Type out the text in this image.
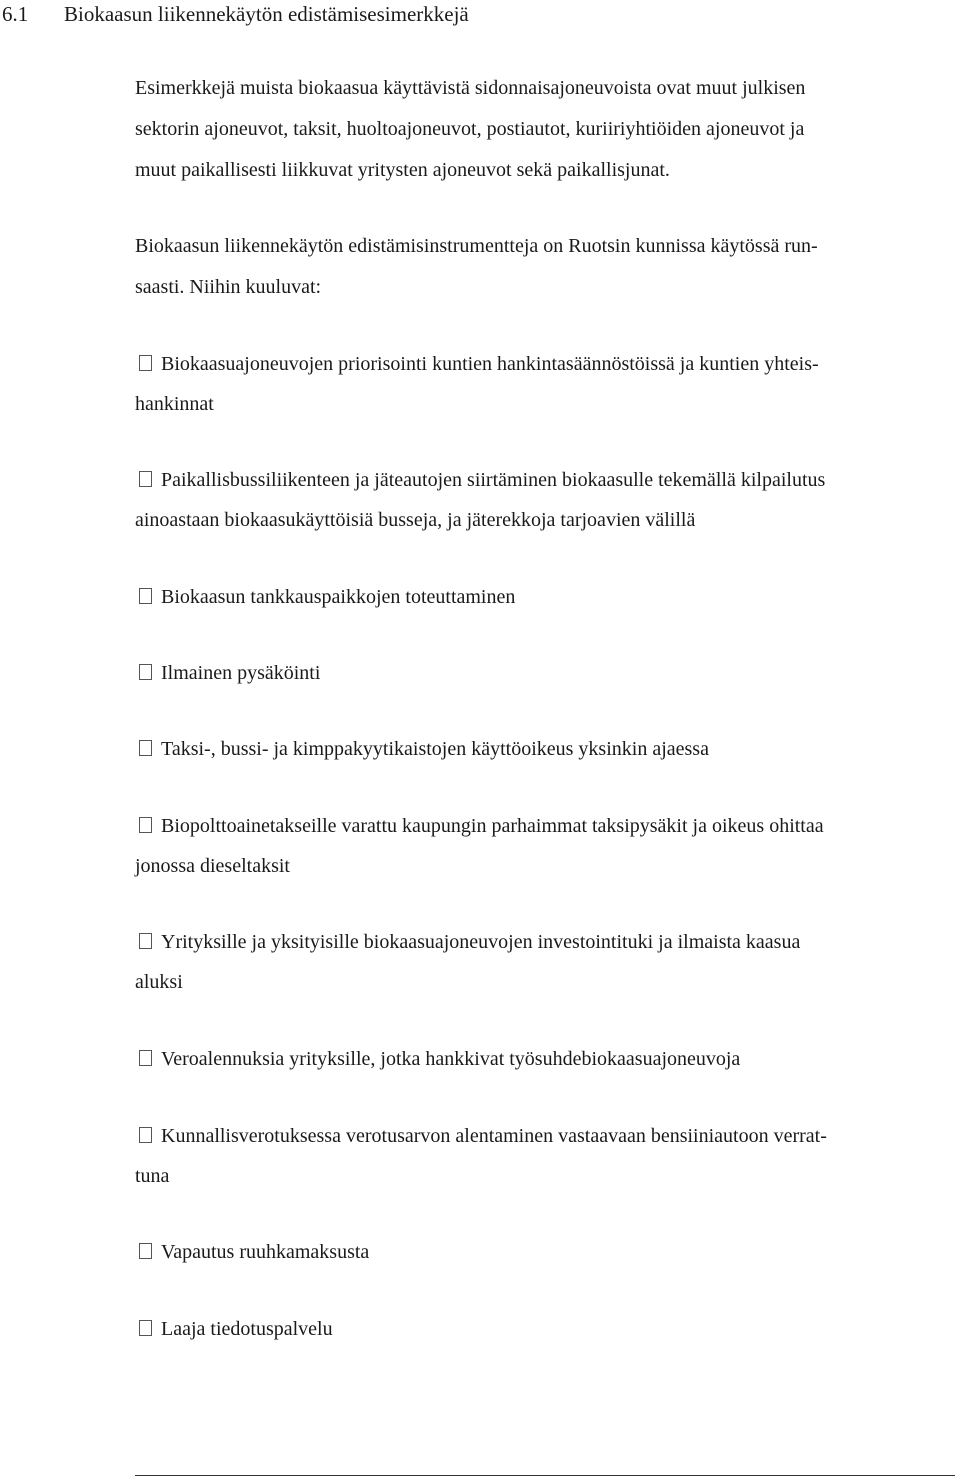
6.1 Biokaasun liikennekäytön edistämisesimerkkejä

Esimerkkejä muista biokaasua käyttävistä sidonnaisajoneuvoista ovat muut julkisen
sektorin ajoneuvot, taksit, huoltoajoneuvot, postiautot, kuriiriyhtiöiden ajoneuvot ja
muut paikallisesti liikkuvat yritysten ajoneuvot sekä paikallisjunat.

Biokaasun liikennekäytön edistämisinstrumentteja on Ruotsin kunnissa käytössä run-
saasti. Niihin kuuluvat:

Biokaasuajoneuvojen priorisointi kuntien hankintasäännöstöissä ja kuntien yhteis-
hankinnat

Paikallisbussiliikenteen ja jäteautojen siirtäminen biokaasulle tekemällä kilpailutus
ainoastaan biokaasukäyttöisiä busseja, ja jäterekkoja tarjoavien välillä

Biokaasun tankkauspaikkojen toteuttaminen

Ilmainen pysäköinti

Taksi-, bussi- ja kimppakyytikaistojen käyttöoikeus yksinkin ajaessa

Biopolttoainetakseille varattu kaupungin parhaimmat taksipysäkit ja oikeus ohittaa
jonossa dieseltaksit

Yrityksille ja yksityisille biokaasuajoneuvojen investointituki ja ilmaista kaasua
aluksi

Veroalennuksia yrityksille, jotka hankkivat työsuhdebiokaasuajoneuvoja

Kunnallisverotuksessa verotusarvon alentaminen vastaavaan bensiiniautoon verrat-
tuna

Vapautus ruuhkamaksusta

Laaja tiedotuspalvelu
